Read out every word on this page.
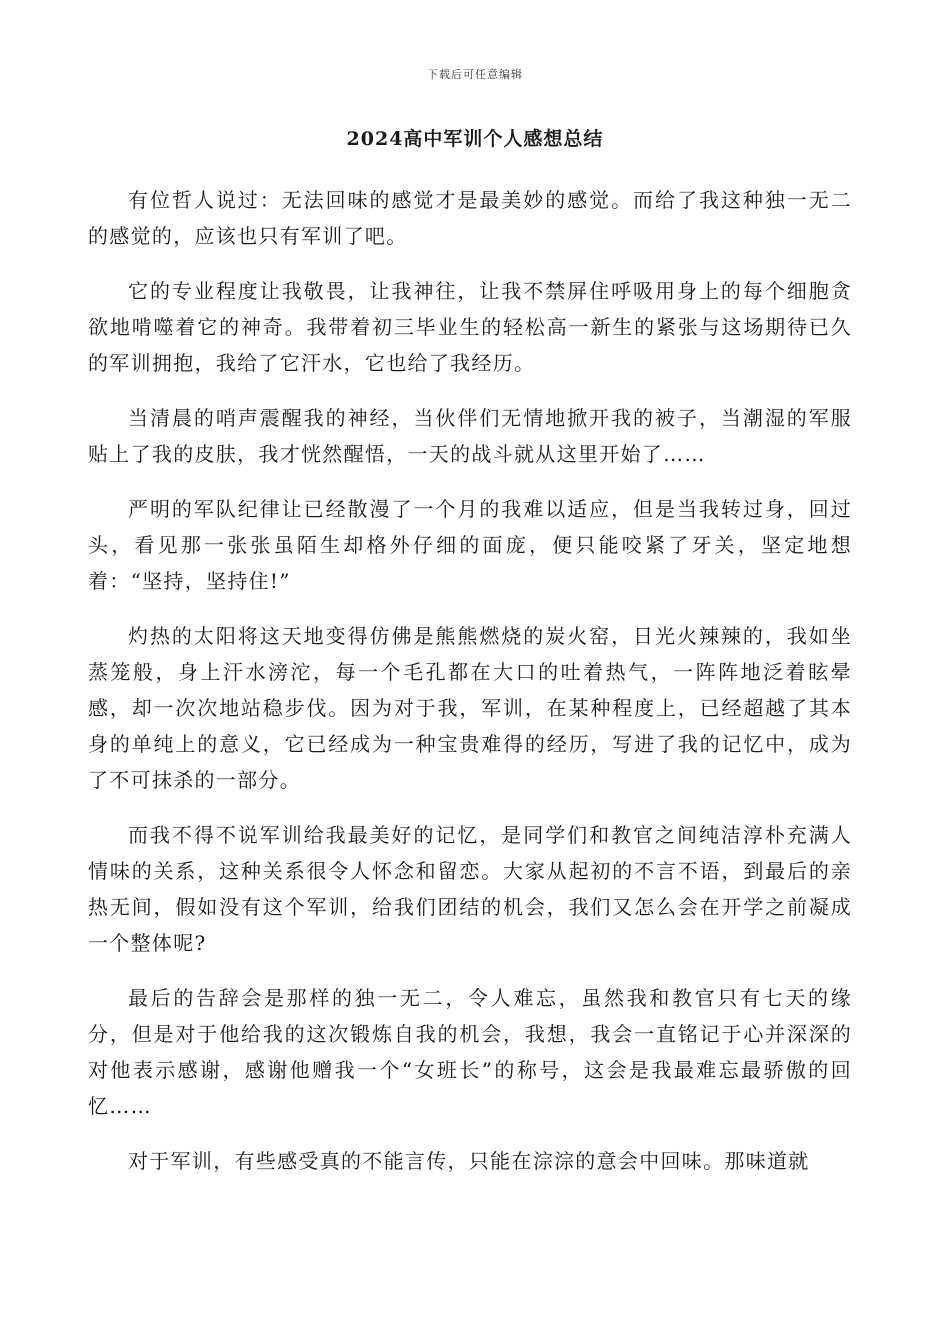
下载后可任意编辑
2024高中军训个人感想总结

有位哲人说过：无法回味的感觉才是最美妙的感觉。而给了我这种独一无二的感觉的，应该也只有军训了吧。

它的专业程度让我敬畏，让我神往，让我不禁屏住呼吸用身上的每个细胞贪欲地啃噬着它的神奇。我带着初三毕业生的轻松高一新生的紧张与这场期待已久的军训拥抱，我给了它汗水，它也给了我经历。

当清晨的哨声震醒我的神经，当伙伴们无情地掀开我的被子，当潮湿的军服贴上了我的皮肤，我才恍然醒悟，一天的战斗就从这里开始了……

严明的军队纪律让已经散漫了一个月的我难以适应，但是当我转过身，回过头，看见那一张张虽陌生却格外仔细的面庞，便只能咬紧了牙关，坚定地想着：“坚持，坚持住!”

灼热的太阳将这天地变得仿佛是熊熊燃烧的炭火窑，日光火辣辣的，我如坐蒸笼般，身上汗水滂沱，每一个毛孔都在大口的吐着热气，一阵阵地泛着眩晕感，却一次次地站稳步伐。因为对于我，军训，在某种程度上，已经超越了其本身的单纯上的意义，它已经成为一种宝贵难得的经历，写进了我的记忆中，成为了不可抹杀的一部分。

而我不得不说军训给我最美好的记忆，是同学们和教官之间纯洁淳朴充满人情味的关系，这种关系很令人怀念和留恋。大家从起初的不言不语，到最后的亲热无间，假如没有这个军训，给我们团结的机会，我们又怎么会在开学之前凝成一个整体呢?

最后的告辞会是那样的独一无二，令人难忘，虽然我和教官只有七天的缘分，但是对于他给我的这次锻炼自我的机会，我想，我会一直铭记于心并深深的对他表示感谢，感谢他赠我一个“女班长”的称号，这会是我最难忘最骄傲的回忆……

对于军训，有些感受真的不能言传，只能在淙淙的意会中回味。那味道就
